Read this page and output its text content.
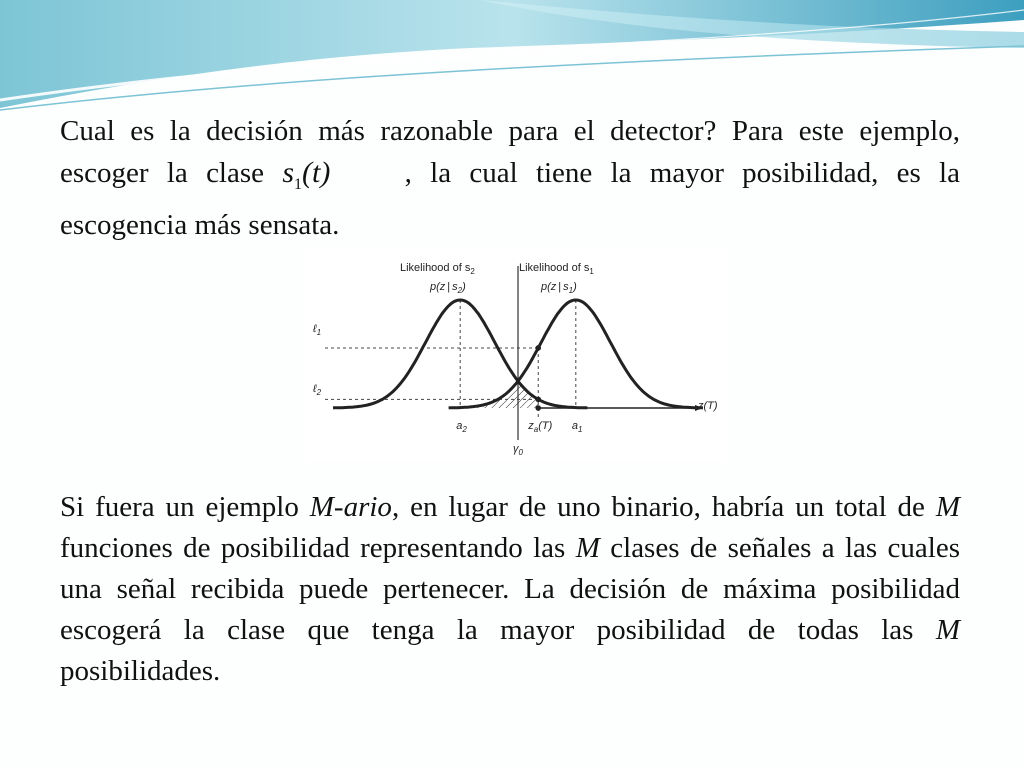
Cual es la decisión más razonable para el detector? Para este ejemplo, escoger la clase $s_1(t)$ , la cual tiene la mayor posibilidad, es la escogencia más sensata.

Likelihood of $s_2$
p(z | $s_2$)
Likelihood of $s_1$
p(z | $s_1$)
ℓ$_1$
ℓ$_2$
$a_2$	$a_1$
$z_a(T)$
$\gamma_0$
z(T)

Si fuera un ejemplo M-ario, en lugar de uno binario, habría un total de M funciones de posibilidad representando las M clases de señales a las cuales una señal recibida puede pertenecer. La decisión de máxima posibilidad escogerá la clase que tenga la mayor posibilidad de todas las M posibilidades.
